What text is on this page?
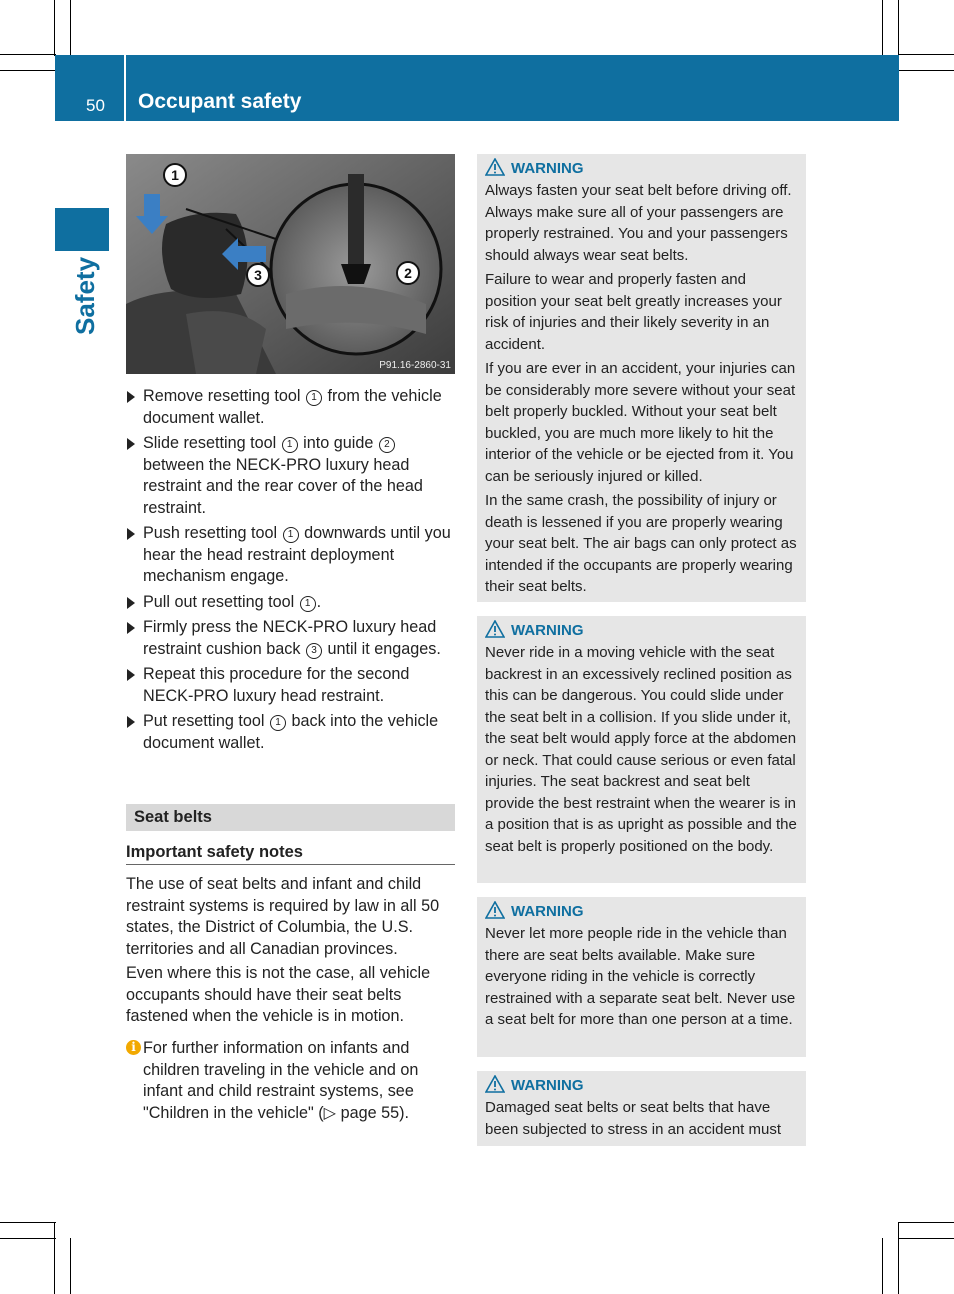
50 Occupant safety
Safety
1
2
3
P91.16-2860-31
Remove resetting tool 1 from the vehicle document wallet.
Slide resetting tool 1 into guide 2 between the NECK-PRO luxury head restraint and the rear cover of the head restraint.
Push resetting tool 1 downwards until you hear the head restraint deployment mechanism engage.
Pull out resetting tool 1 .
Firmly press the NECK-PRO luxury head restraint cushion back 3 until it engages.
Repeat this procedure for the second NECK-PRO luxury head restraint.
Put resetting tool 1 back into the vehicle document wallet.
Seat belts
Important safety notes
The use of seat belts and infant and child restraint systems is required by law in all 50 states, the District of Columbia, the U.S. territories and all Canadian provinces.
Even where this is not the case, all vehicle occupants should have their seat belts fastened when the vehicle is in motion.
i For further information on infants and children traveling in the vehicle and on infant and child restraint systems, see "Children in the vehicle" (▷ page 55).
WARNING

Always fasten your seat belt before driving off. Always make sure all of your passengers are properly restrained. You and your passengers should always wear seat belts.

Failure to wear and properly fasten and position your seat belt greatly increases your risk of injuries and their likely severity in an accident.

If you are ever in an accident, your injuries can be considerably more severe without your seat belt properly buckled. Without your seat belt buckled, you are much more likely to hit the interior of the vehicle or be ejected from it. You can be seriously injured or killed.

In the same crash, the possibility of injury or death is lessened if you are properly wearing your seat belt. The air bags can only protect as intended if the occupants are properly wearing their seat belts.

WARNING

Never ride in a moving vehicle with the seat backrest in an excessively reclined position as this can be dangerous. You could slide under the seat belt in a collision. If you slide under it, the seat belt would apply force at the abdomen or neck. That could cause serious or even fatal injuries. The seat backrest and seat belt provide the best restraint when the wearer is in a position that is as upright as possible and the seat belt is properly positioned on the body.

WARNING

Never let more people ride in the vehicle than there are seat belts available. Make sure everyone riding in the vehicle is correctly restrained with a separate seat belt. Never use a seat belt for more than one person at a time.

WARNING

Damaged seat belts or seat belts that have been subjected to stress in an accident must
